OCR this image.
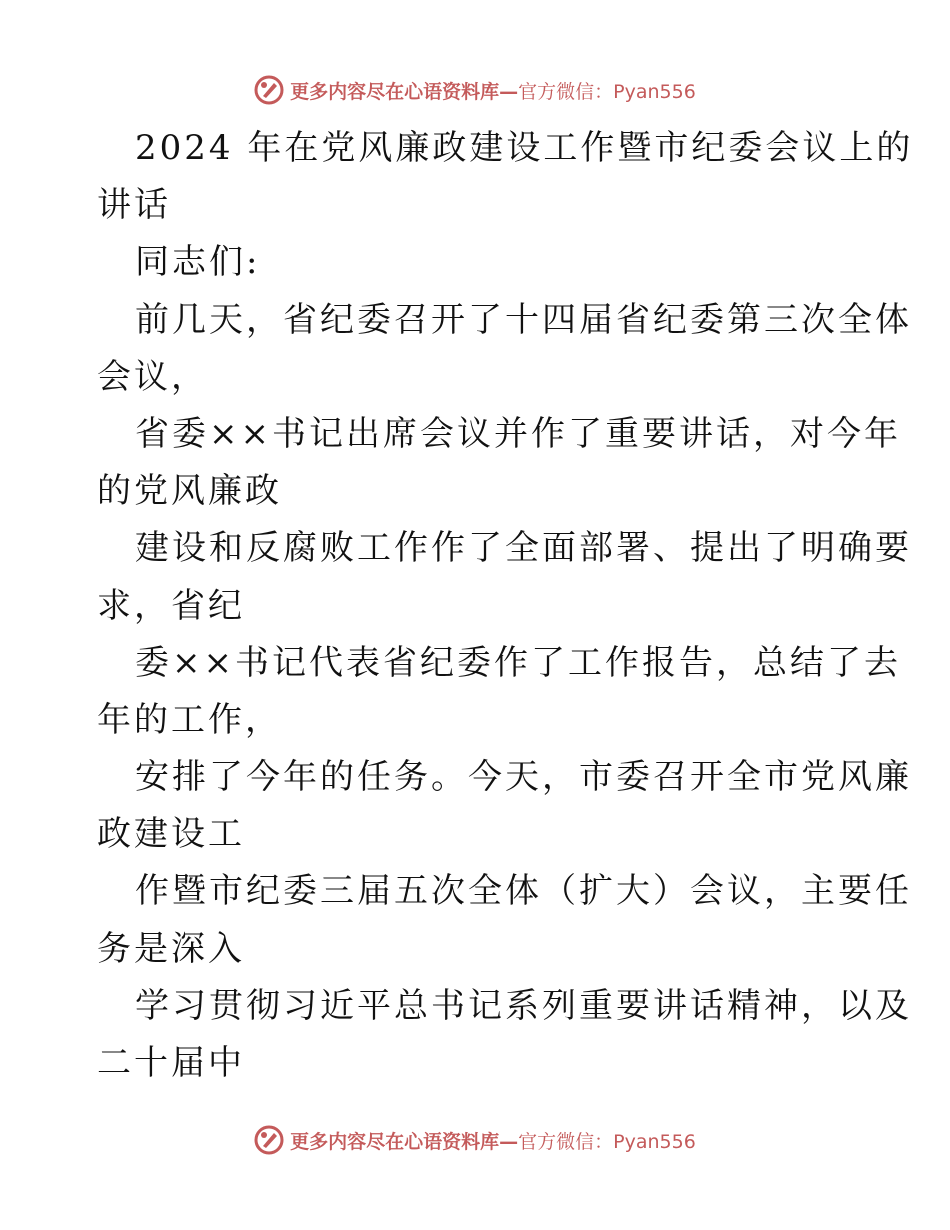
更多内容尽在心语资料库—官方微信：Pyan556
2024 年在党风廉政建设工作暨市纪委会议上的
讲话
同志们:
前几天，省纪委召开了十四届省纪委第三次全体
会议，
省委××书记出席会议并作了重要讲话，对今年
的党风廉政
建设和反腐败工作作了全面部署、提出了明确要
求，省纪
委××书记代表省纪委作了工作报告，总结了去
年的工作，
安排了今年的任务。今天，市委召开全市党风廉
政建设工
作暨市纪委三届五次全体（扩大）会议，主要任
务是深入
学习贯彻习近平总书记系列重要讲话精神，以及
二十届中
更多内容尽在心语资料库—官方微信：Pyan556
